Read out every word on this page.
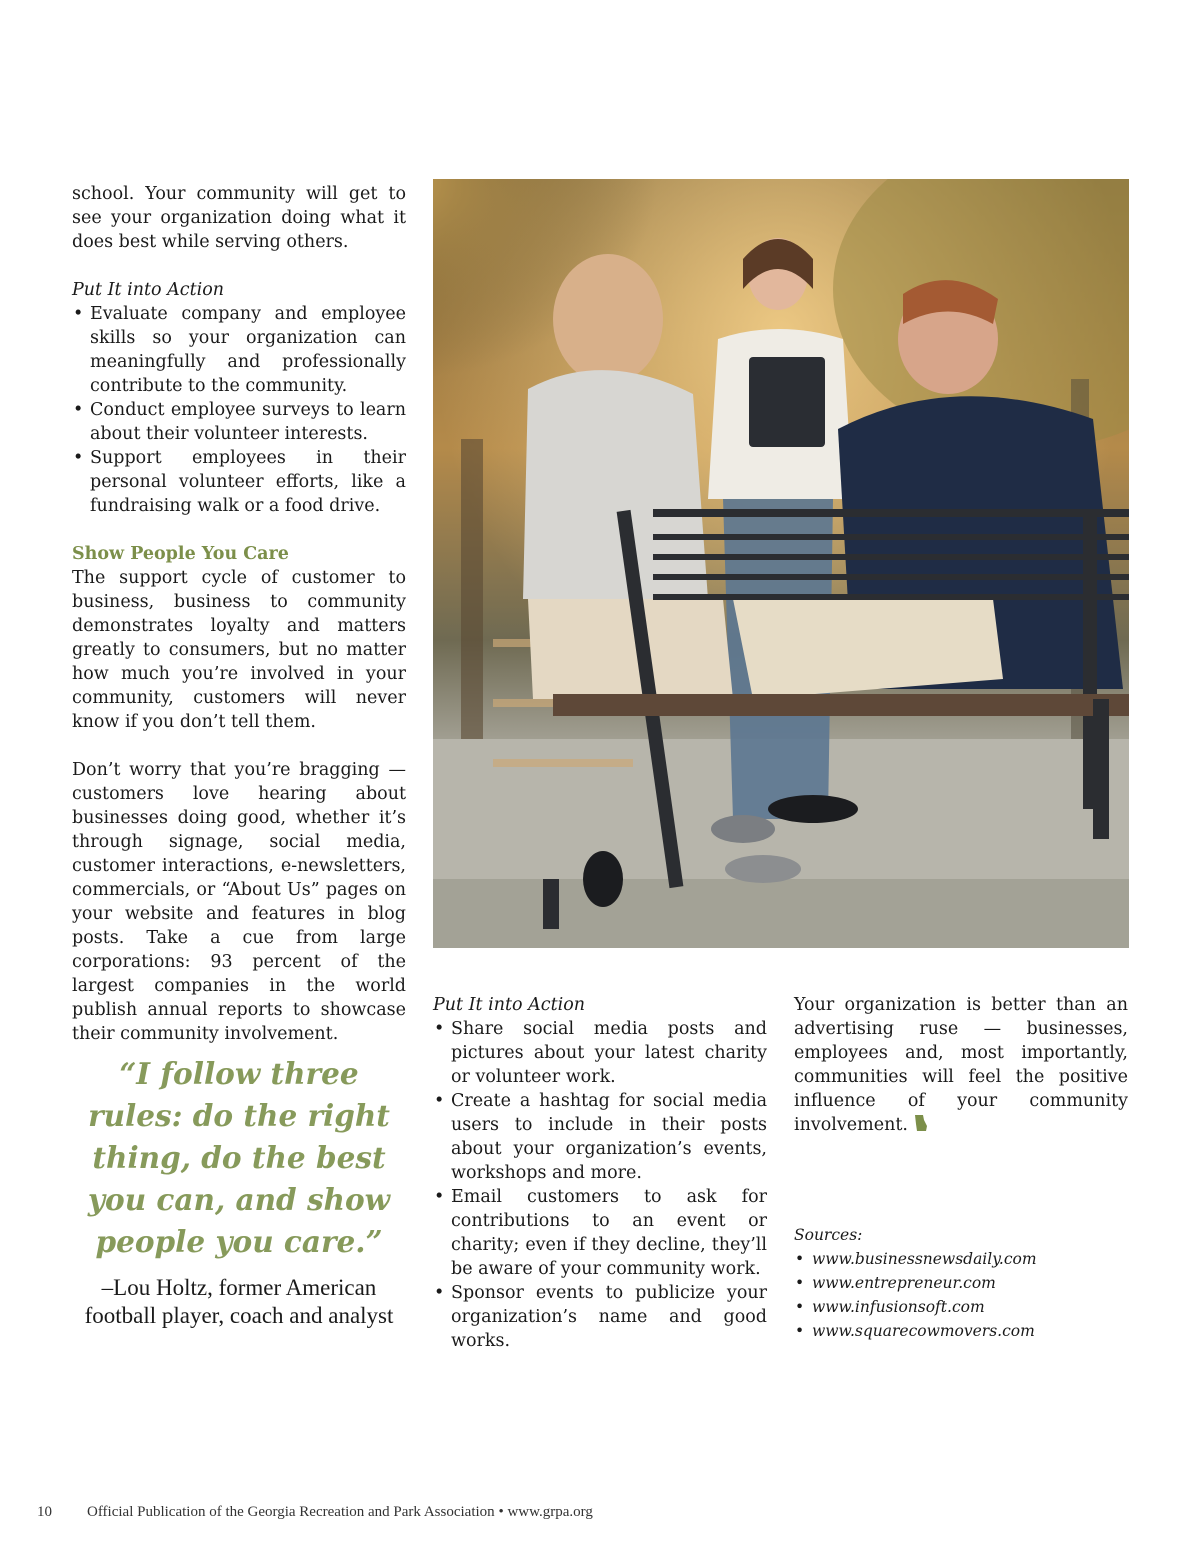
school. Your community will get to see your organization doing what it does best while serving others.

Put It into Action

• Evaluate company and employee skills so your organization can meaningfully and professionally contribute to the community.
• Conduct employee surveys to learn about their volunteer interests.
• Support employees in their personal volunteer efforts, like a fundraising walk or a food drive.

Show People You Care

The support cycle of customer to business, business to community demonstrates loyalty and matters greatly to consumers, but no matter how much you’re involved in your community, customers will never know if you don’t tell them.

Don’t worry that you’re bragging — customers love hearing about businesses doing good, whether it’s through signage, social media, customer interactions, e-newsletters, commercials, or “About Us” pages on your website and features in blog posts. Take a cue from large corporations: 93 percent of the largest companies in the world publish annual reports to showcase their community involvement.

“I follow three rules: do the right thing, do the best you can, and show people you care.”
–Lou Holtz, former American football player, coach and analyst

Put It into Action

• Share social media posts and pictures about your latest charity or volunteer work.
• Create a hashtag for social media users to include in their posts about your organization’s events, workshops and more.
• Email customers to ask for contributions to an event or charity; even if they decline, they’ll be aware of your community work.
• Sponsor events to publicize your organization’s name and good works.

Your organization is better than an advertising ruse — businesses, employees and, most importantly, communities will feel the positive influence of your community involvement.

Sources:

• www.businessnewsdaily.com
• www.entrepreneur.com
• www.infusionsoft.com
• www.squarecowmovers.com
10 Official Publication of the Georgia Recreation and Park Association • www.grpa.org
